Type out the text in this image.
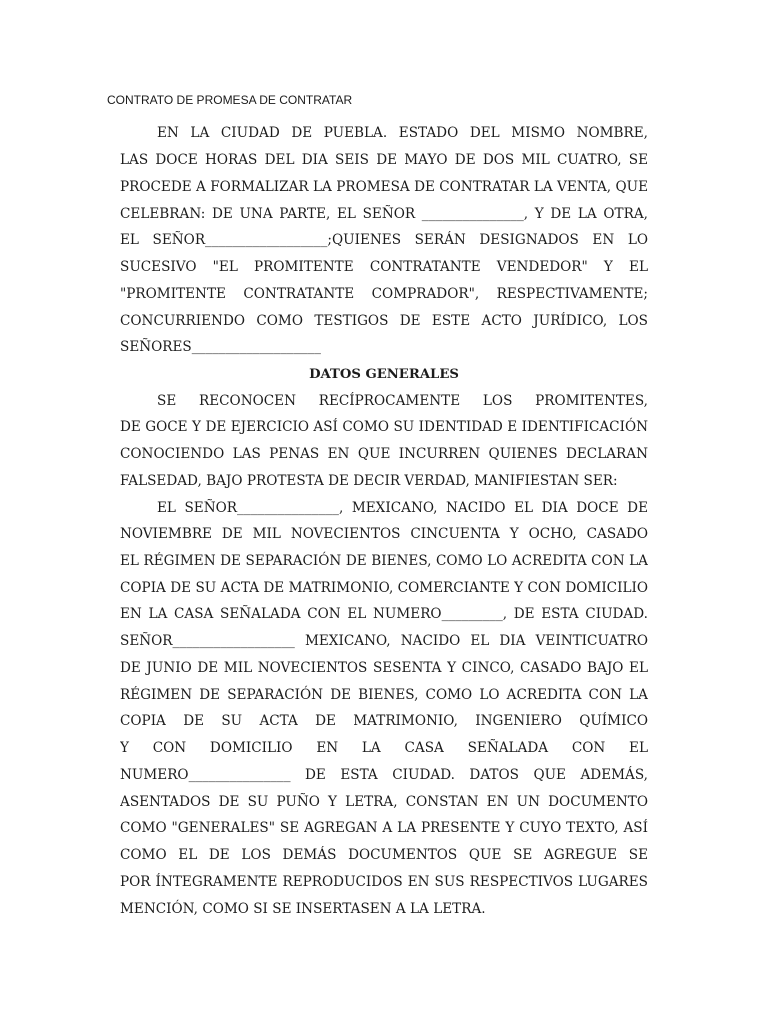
CONTRATO DE PROMESA DE CONTRATAR
EN LA CIUDAD DE PUEBLA. ESTADO DEL MISMO NOMBRE,
LAS DOCE HORAS DEL DIA SEIS DE MAYO DE DOS MIL CUATRO, SE
PROCEDE A FORMALIZAR LA PROMESA DE CONTRATAR LA VENTA, QUE
CELEBRAN: DE UNA PARTE, EL SEÑOR _______________, Y DE LA OTRA,
EL SEÑOR__________________;QUIENES SERÁN DESIGNADOS EN LO
SUCESIVO "EL PROMITENTE CONTRATANTE VENDEDOR" Y EL
"PROMITENTE CONTRATANTE COMPRADOR", RESPECTIVAMENTE;
CONCURRIENDO COMO TESTIGOS DE ESTE ACTO JURÍDICO, LOS
SEÑORES___________________
DATOS GENERALES
SE RECONOCEN RECÍPROCAMENTE LOS PROMITENTES,
DE GOCE Y DE EJERCICIO ASÍ COMO SU IDENTIDAD E IDENTIFICACIÓN
CONOCIENDO LAS PENAS EN QUE INCURREN QUIENES DECLARAN
FALSEDAD, BAJO PROTESTA DE DECIR VERDAD, MANIFIESTAN SER:
EL SEÑOR_______________, MEXICANO, NACIDO EL DIA DOCE DE
NOVIEMBRE DE MIL NOVECIENTOS CINCUENTA Y OCHO, CASADO
EL RÉGIMEN DE SEPARACIÓN DE BIENES, COMO LO ACREDITA CON LA
COPIA DE SU ACTA DE MATRIMONIO, COMERCIANTE Y CON DOMICILIO
EN LA CASA SEÑALADA CON EL NUMERO_________, DE ESTA CIUDAD.
SEÑOR__________________ MEXICANO, NACIDO EL DIA VEINTICUATRO
DE JUNIO DE MIL NOVECIENTOS SESENTA Y CINCO, CASADO BAJO EL
RÉGIMEN DE SEPARACIÓN DE BIENES, COMO LO ACREDITA CON LA
COPIA DE SU ACTA DE MATRIMONIO, INGENIERO QUÍMICO
Y CON DOMICILIO EN LA CASA SEÑALADA CON EL
NUMERO_______________ DE ESTA CIUDAD. DATOS QUE ADEMÁS,
ASENTADOS DE SU PUÑO Y LETRA, CONSTAN EN UN DOCUMENTO
COMO "GENERALES" SE AGREGAN A LA PRESENTE Y CUYO TEXTO, ASÍ
COMO EL DE LOS DEMÁS DOCUMENTOS QUE SE AGREGUE SE
POR ÍNTEGRAMENTE REPRODUCIDOS EN SUS RESPECTIVOS LUGARES
MENCIÓN, COMO SI SE INSERTASEN A LA LETRA.
